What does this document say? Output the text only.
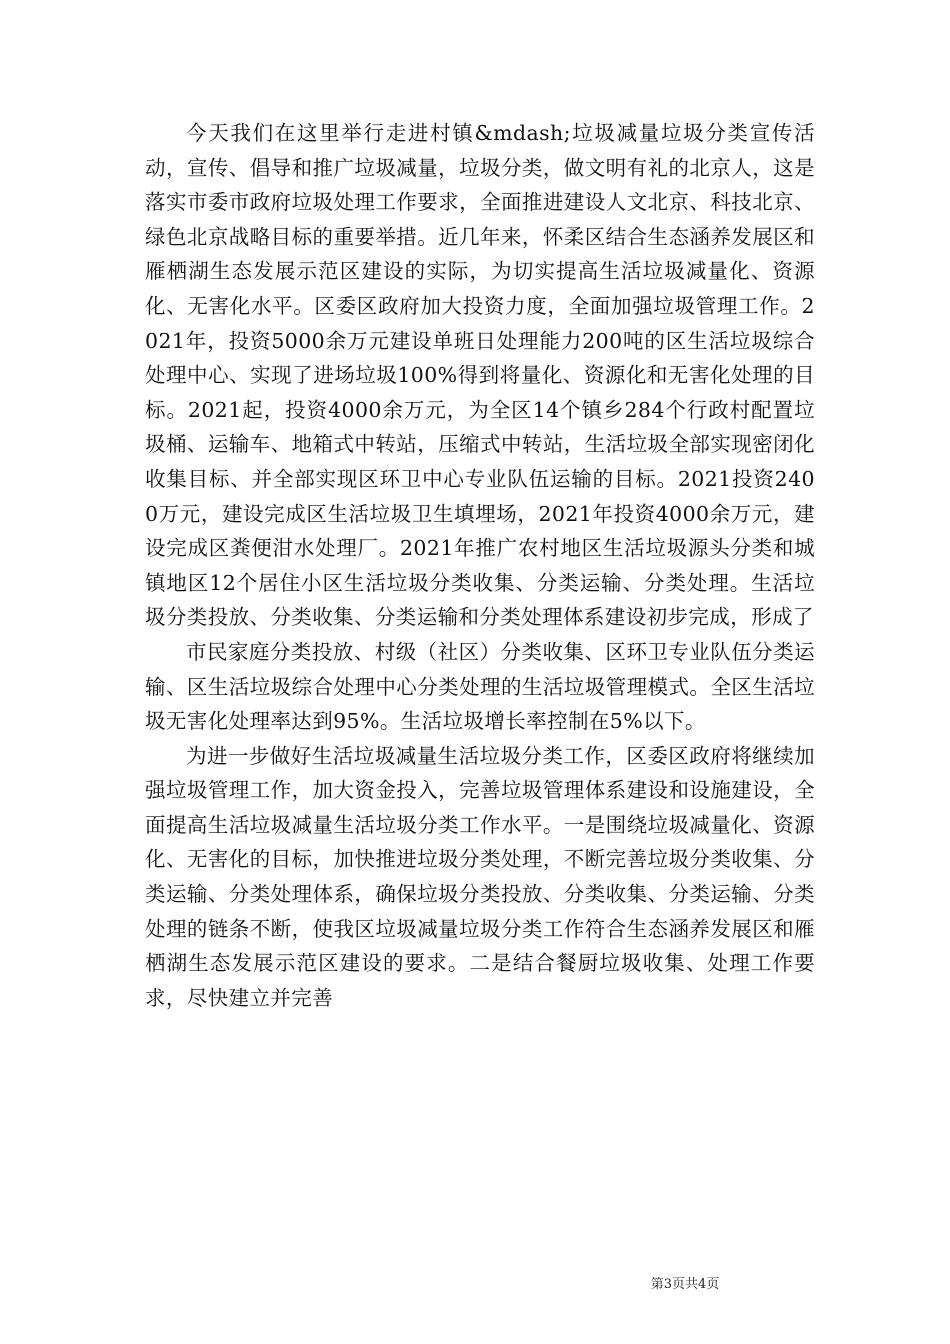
今天我们在这里举行走进村镇&mdash;垃圾减量垃圾分类宣传活动，宣传、倡导和推广垃圾减量，垃圾分类，做文明有礼的北京人，这是落实市委市政府垃圾处理工作要求，全面推进建设人文北京、科技北京、绿色北京战略目标的重要举措。近几年来，怀柔区结合生态涵养发展区和雁栖湖生态发展示范区建设的实际，为切实提高生活垃圾减量化、资源化、无害化水平。区委区政府加大投资力度，全面加强垃圾管理工作。2021年，投资5000余万元建设单班日处理能力200吨的区生活垃圾综合处理中心、实现了进场垃圾100%得到将量化、资源化和无害化处理的目标。2021起，投资4000余万元，为全区14个镇乡284个行政村配置垃圾桶、运输车、地箱式中转站，压缩式中转站，生活垃圾全部实现密闭化收集目标、并全部实现区环卫中心专业队伍运输的目标。2021投资2400万元，建设完成区生活垃圾卫生填埋场，2021年投资4000余万元，建设完成区粪便泔水处理厂。2021年推广农村地区生活垃圾源头分类和城镇地区12个居住小区生活垃圾分类收集、分类运输、分类处理。生活垃圾分类投放、分类收集、分类运输和分类处理体系建设初步完成，形成了

市民家庭分类投放、村级（社区）分类收集、区环卫专业队伍分类运输、区生活垃圾综合处理中心分类处理的生活垃圾管理模式。全区生活垃圾无害化处理率达到95%。生活垃圾增长率控制在5%以下。

为进一步做好生活垃圾减量生活垃圾分类工作，区委区政府将继续加强垃圾管理工作，加大资金投入，完善垃圾管理体系建设和设施建设，全面提高生活垃圾减量生活垃圾分类工作水平。一是围绕垃圾减量化、资源化、无害化的目标，加快推进垃圾分类处理，不断完善垃圾分类收集、分类运输、分类处理体系，确保垃圾分类投放、分类收集、分类运输、分类处理的链条不断，使我区垃圾减量垃圾分类工作符合生态涵养发展区和雁栖湖生态发展示范区建设的要求。二是结合餐厨垃圾收集、处理工作要求，尽快建立并完善

第3页共4页
